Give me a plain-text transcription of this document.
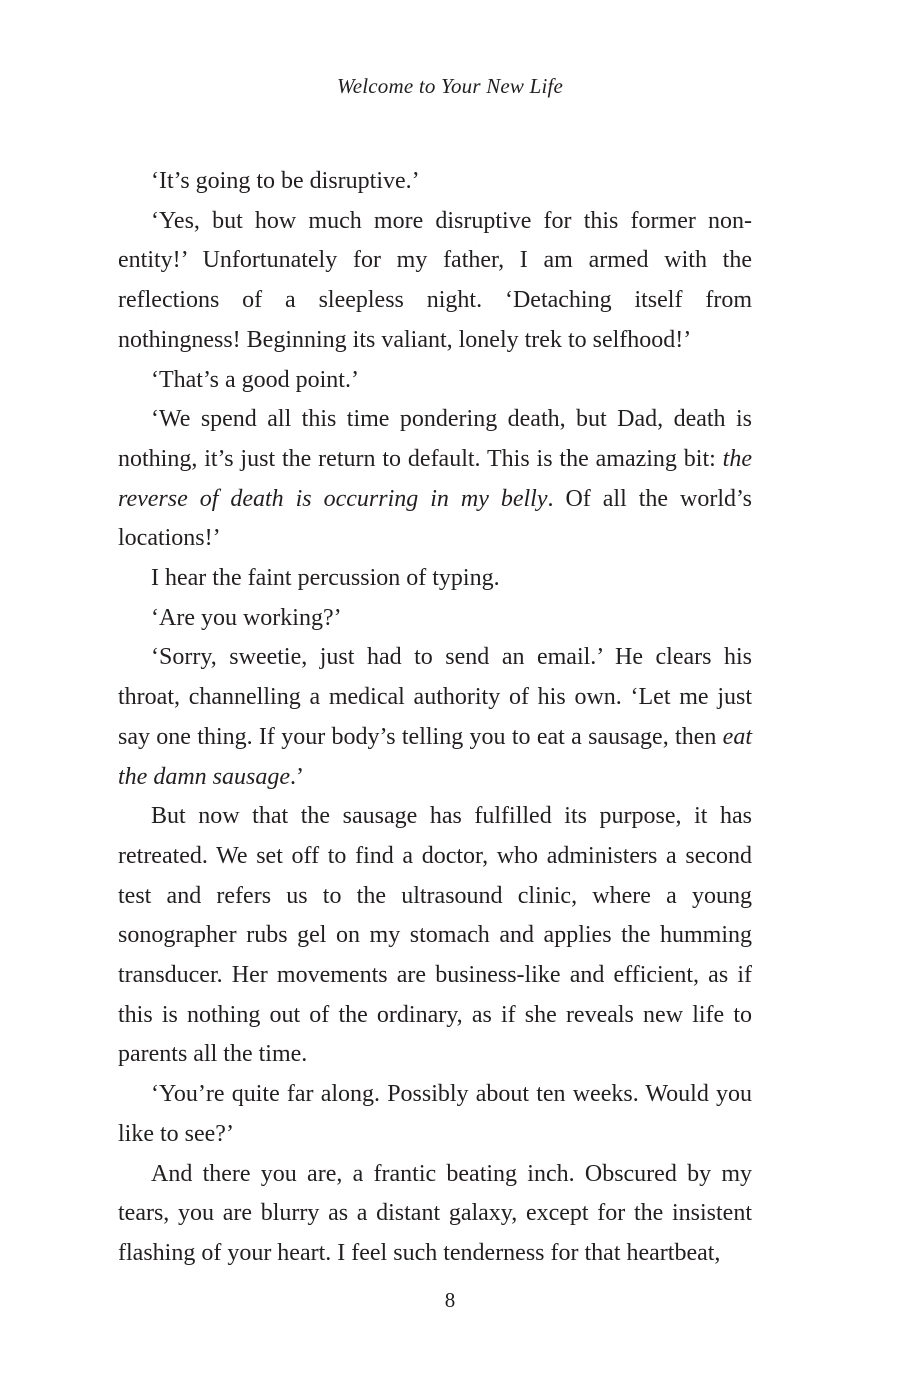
Welcome to Your New Life

‘It’s going to be disruptive.’

‘Yes, but how much more disruptive for this former non-entity!’ Unfortunately for my father, I am armed with the reflections of a sleepless night. ‘Detaching itself from nothingness! Beginning its valiant, lonely trek to selfhood!’

‘That’s a good point.’

‘We spend all this time pondering death, but Dad, death is nothing, it’s just the return to default. This is the amazing bit: the reverse of death is occurring in my belly. Of all the world’s locations!’

I hear the faint percussion of typing.

‘Are you working?’

‘Sorry, sweetie, just had to send an email.’ He clears his throat, channelling a medical authority of his own. ‘Let me just say one thing. If your body’s telling you to eat a sausage, then eat the damn sausage.’

But now that the sausage has fulfilled its purpose, it has retreated. We set off to find a doctor, who administers a second test and refers us to the ultrasound clinic, where a young sonographer rubs gel on my stomach and applies the humming transducer. Her movements are business-like and efficient, as if this is nothing out of the ordinary, as if she reveals new life to parents all the time.

‘You’re quite far along. Possibly about ten weeks. Would you like to see?’

And there you are, a frantic beating inch. Obscured by my tears, you are blurry as a distant galaxy, except for the insistent flashing of your heart. I feel such tenderness for that heartbeat,

8
